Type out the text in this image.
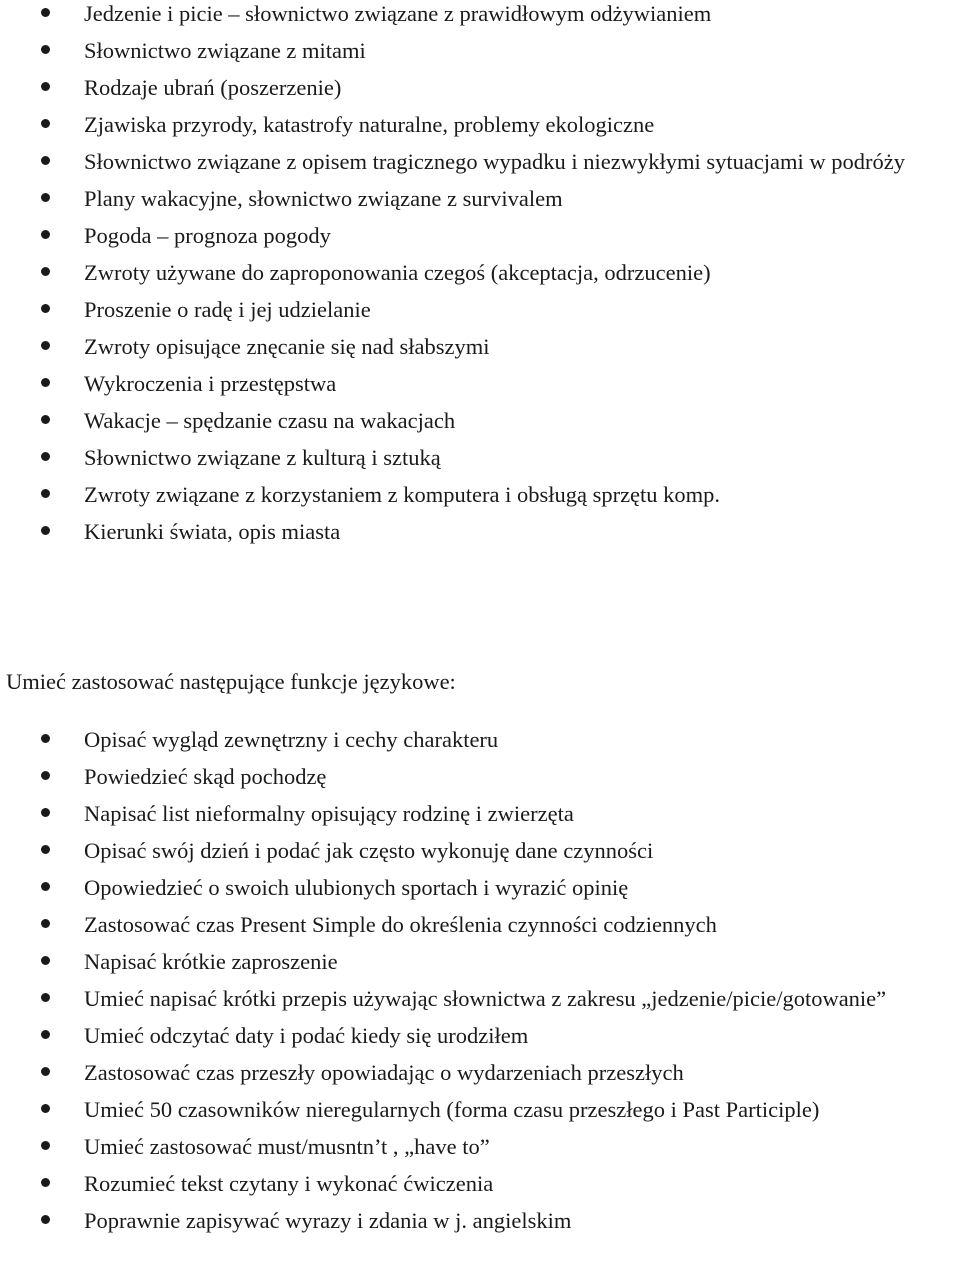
Jedzenie i picie – słownictwo związane z prawidłowym odżywianiem
Słownictwo związane z mitami
Rodzaje ubrań (poszerzenie)
Zjawiska przyrody, katastrofy naturalne, problemy ekologiczne
Słownictwo związane z opisem tragicznego wypadku i niezwykłymi sytuacjami w podróży
Plany wakacyjne, słownictwo związane z survivalem
Pogoda – prognoza pogody
Zwroty używane do zaproponowania czegoś (akceptacja, odrzucenie)
Proszenie o radę i jej udzielanie
Zwroty opisujące znęcanie się nad słabszymi
Wykroczenia i przestępstwa
Wakacje – spędzanie czasu na wakacjach
Słownictwo związane z kulturą i sztuką
Zwroty związane z korzystaniem z komputera i obsługą sprzętu komp.
Kierunki świata, opis miasta

Umieć zastosować następujące funkcje językowe:

Opisać wygląd zewnętrzny i cechy charakteru
Powiedzieć skąd pochodzę
Napisać list nieformalny opisujący rodzinę i zwierzęta
Opisać swój dzień i podać jak często wykonuję dane czynności
Opowiedzieć o swoich ulubionych sportach i wyrazić opinię
Zastosować czas Present Simple do określenia czynności codziennych
Napisać krótkie zaproszenie
Umieć napisać krótki przepis używając słownictwa z zakresu „jedzenie/picie/gotowanie”
Umieć odczytać daty i podać kiedy się urodziłem
Zastosować czas przeszły opowiadając o wydarzeniach przeszłych
Umieć 50 czasowników nieregularnych (forma czasu przeszłego i Past Participle)
Umieć zastosować must/musntn’t , „have to”
Rozumieć tekst czytany i wykonać ćwiczenia
Poprawnie zapisywać wyrazy i zdania w j. angielskim
